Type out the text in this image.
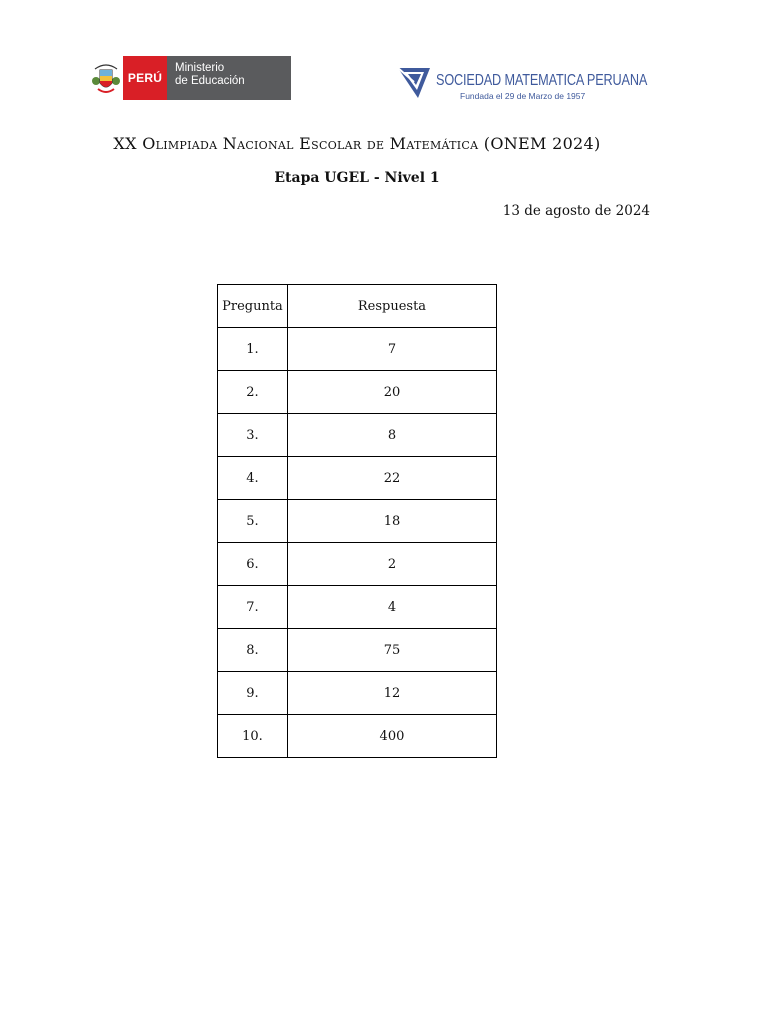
PERÚ
Ministerio
de Educación	SOCIEDAD MATEMATICA PERUANA
Fundada el 29 de Marzo de 1957
XX Olimpiada Nacional Escolar de Matemática (ONEM 2024)
Etapa UGEL - Nivel 1
13 de agosto de 2024
Pregunta	Respuesta
1.	7
2.	20
3.	8
4.	22
5.	18
6.	2
7.	4
8.	75
9.	12
10.	400
